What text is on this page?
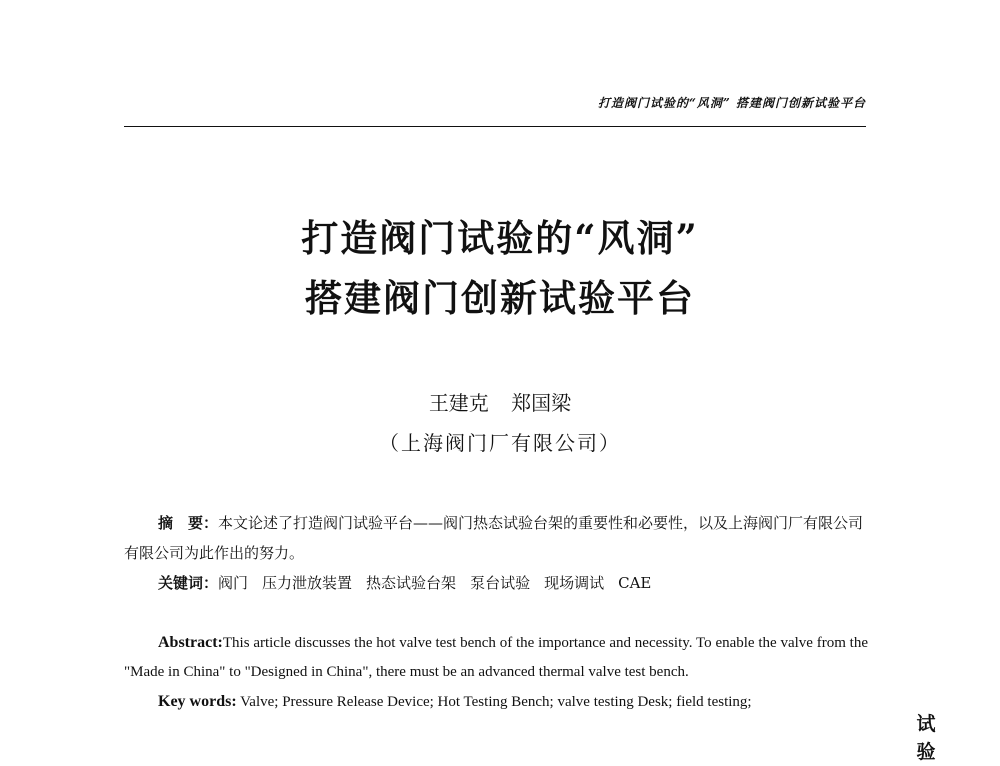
打造阀门试验的“风洞” 搭建阀门创新试验平台
打造阀门试验的“风洞”
搭建阀门创新试验平台
王建克 郑国梁
（上海阀门厂有限公司）

摘　要：本文论述了打造阀门试验平台——阀门热态试验台架的重要性和必要性，以及上海阀门厂有限公司有限公司为此作出的努力。

关键词：阀门 压力泄放装置 热态试验台架 泵台试验 现场调试 CAE

Abstract:This article discusses the hot valve test bench of the importance and necessity. To enable the valve from the "Made in China" to "Designed in China", there must be an advanced thermal valve test bench.

Key words: Valve; Pressure Release Device; Hot Testing Bench; valve testing Desk; field testing;

试
验
